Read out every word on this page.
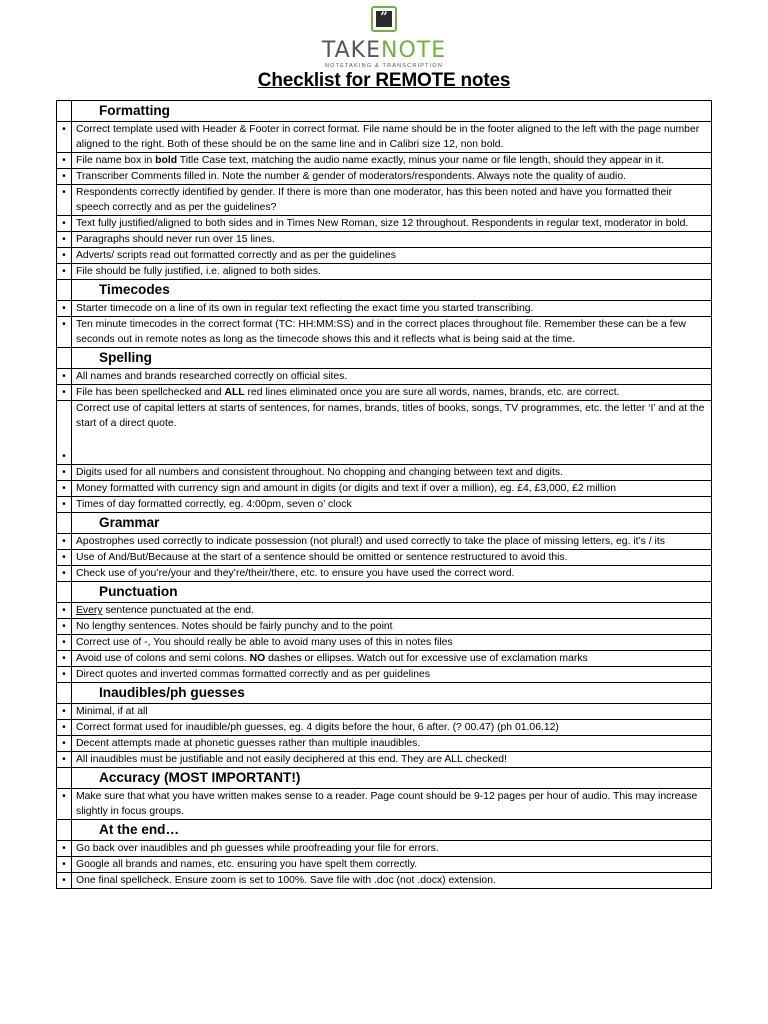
”
TAKENOTE
NOTETAKING & TRANSCRIPTION
Checklist for REMOTE notes
	Formatting
•	Correct template used with Header & Footer in correct format. File name should be in the footer aligned to the left with the page number aligned to the right. Both of these should be on the same line and in Calibri size 12, non bold.
•	File name box in bold Title Case text, matching the audio name exactly, minus your name or file length, should they appear in it.
•	Transcriber Comments filled in. Note the number & gender of moderators/respondents. Always note the quality of audio.
•	Respondents correctly identified by gender. If there is more than one moderator, has this been noted and have you formatted their speech correctly and as per the guidelines?
•	Text fully justified/aligned to both sides and in Times New Roman, size 12 throughout. Respondents in regular text, moderator in bold.
•	Paragraphs should never run over 15 lines.
•	Adverts/ scripts read out formatted correctly and as per the guidelines
•	File should be fully justified, i.e. aligned to both sides.
	Timecodes
•	Starter timecode on a line of its own in regular text reflecting the exact time you started transcribing.
•	Ten minute timecodes in the correct format (TC: HH:MM:SS) and in the correct places throughout file. Remember these can be a few seconds out in remote notes as long as the timecode shows this and it reflects what is being said at the time.
	Spelling
•	All names and brands researched correctly on official sites.
•	File has been spellchecked and ALL red lines eliminated once you are sure all words, names, brands, etc. are correct.
•	Correct use of capital letters at starts of sentences, for names, brands, titles of books, songs, TV programmes, etc. the letter ‘I’ and at the start of a direct quote.
•	Digits used for all numbers and consistent throughout. No chopping and changing between text and digits.
•	Money formatted with currency sign and amount in digits (or digits and text if over a million), eg. £4, £3,000, £2 million
•	Times of day formatted correctly, eg. 4:00pm, seven o’ clock
	Grammar
•	Apostrophes used correctly to indicate possession (not plural!) and used correctly to take the place of missing letters, eg. it’s / its
•	Use of And/But/Because at the start of a sentence should be omitted or sentence restructured to avoid this.
•	Check use of you’re/your and they’re/their/there, etc. to ensure you have used the correct word.
	Punctuation
•	Every sentence punctuated at the end.
•	No lengthy sentences. Notes should be fairly punchy and to the point
•	Correct use of -, You should really be able to avoid many uses of this in notes files
•	Avoid use of colons and semi colons. NO dashes or ellipses. Watch out for excessive use of exclamation marks
•	Direct quotes and inverted commas formatted correctly and as per guidelines
	Inaudibles/ph guesses
•	Minimal, if at all
•	Correct format used for inaudible/ph guesses, eg. 4 digits before the hour, 6 after. (? 00.47) (ph 01.06.12)
•	Decent attempts made at phonetic guesses rather than multiple inaudibles.
•	All inaudibles must be justifiable and not easily deciphered at this end. They are ALL checked!
	Accuracy (MOST IMPORTANT!)
•	Make sure that what you have written makes sense to a reader. Page count should be 9-12 pages per hour of audio. This may increase slightly in focus groups.
	At the end…
•	Go back over inaudibles and ph guesses while proofreading your file for errors.
•	Google all brands and names, etc. ensuring you have spelt them correctly.
•	One final spellcheck. Ensure zoom is set to 100%. Save file with .doc (not .docx) extension.
